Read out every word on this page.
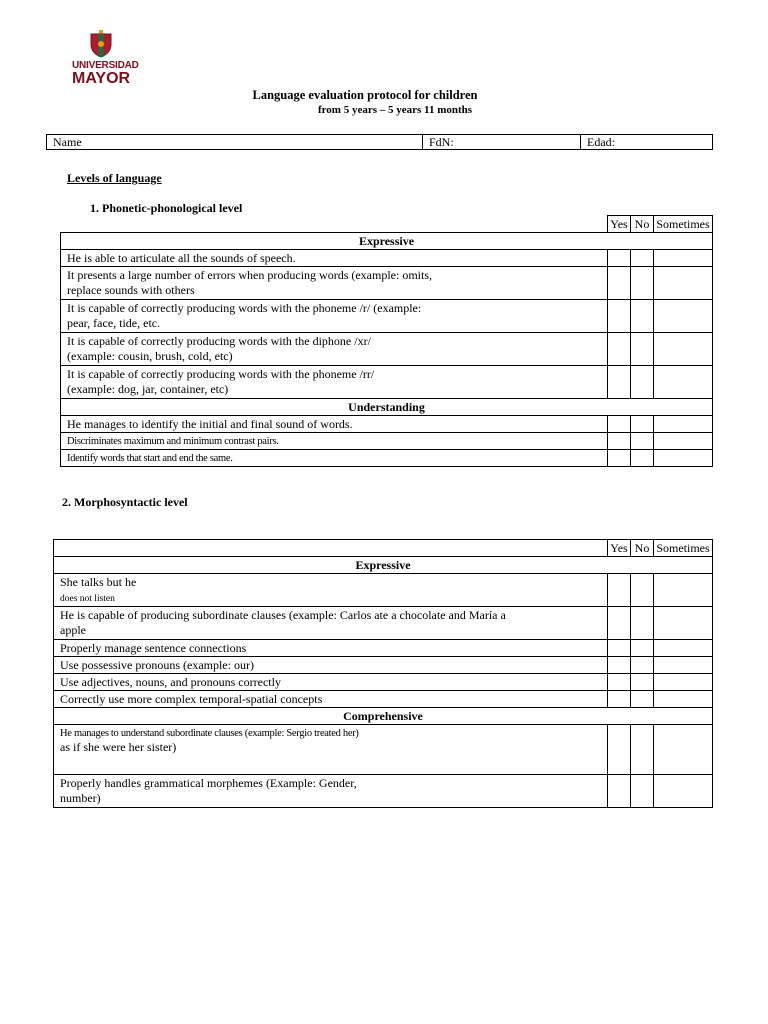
UNIVERSIDAD
MAYOR
Language evaluation protocol for children
from 5 years – 5 years 11 months
Name	FdN:	Edad:
Levels of language
1. Phonetic-phonological level
	Yes	No	Sometimes
Expressive			
He is able to articulate all the sounds of speech.			
It presents a large number of errors when producing words (example: omits,
replace sounds with others			
It is capable of correctly producing words with the phoneme /r/ (example:
pear, face, tide, etc.			
It is capable of correctly producing words with the diphone /xr/
(example: cousin, brush, cold, etc)			
It is capable of correctly producing words with the phoneme /rr/
(example: dog, jar, container, etc)			
Understanding			
He manages to identify the initial and final sound of words.			
Discriminates maximum and minimum contrast pairs.			
Identify words that start and end the same.			
2. Morphosyntactic level
	Yes	No	Sometimes
Expressive			
She talks but he
does not listen			
He is capable of producing subordinate clauses (example: Carlos ate a chocolate and María a
apple			
Properly manage sentence connections			
Use possessive pronouns (example: our)			
Use adjectives, nouns, and pronouns correctly			
Correctly use more complex temporal-spatial concepts			
Comprehensive			
He manages to understand subordinate clauses (example: Sergio treated her)
as if she were her sister)			
Properly handles grammatical morphemes (Example: Gender,
number)			
